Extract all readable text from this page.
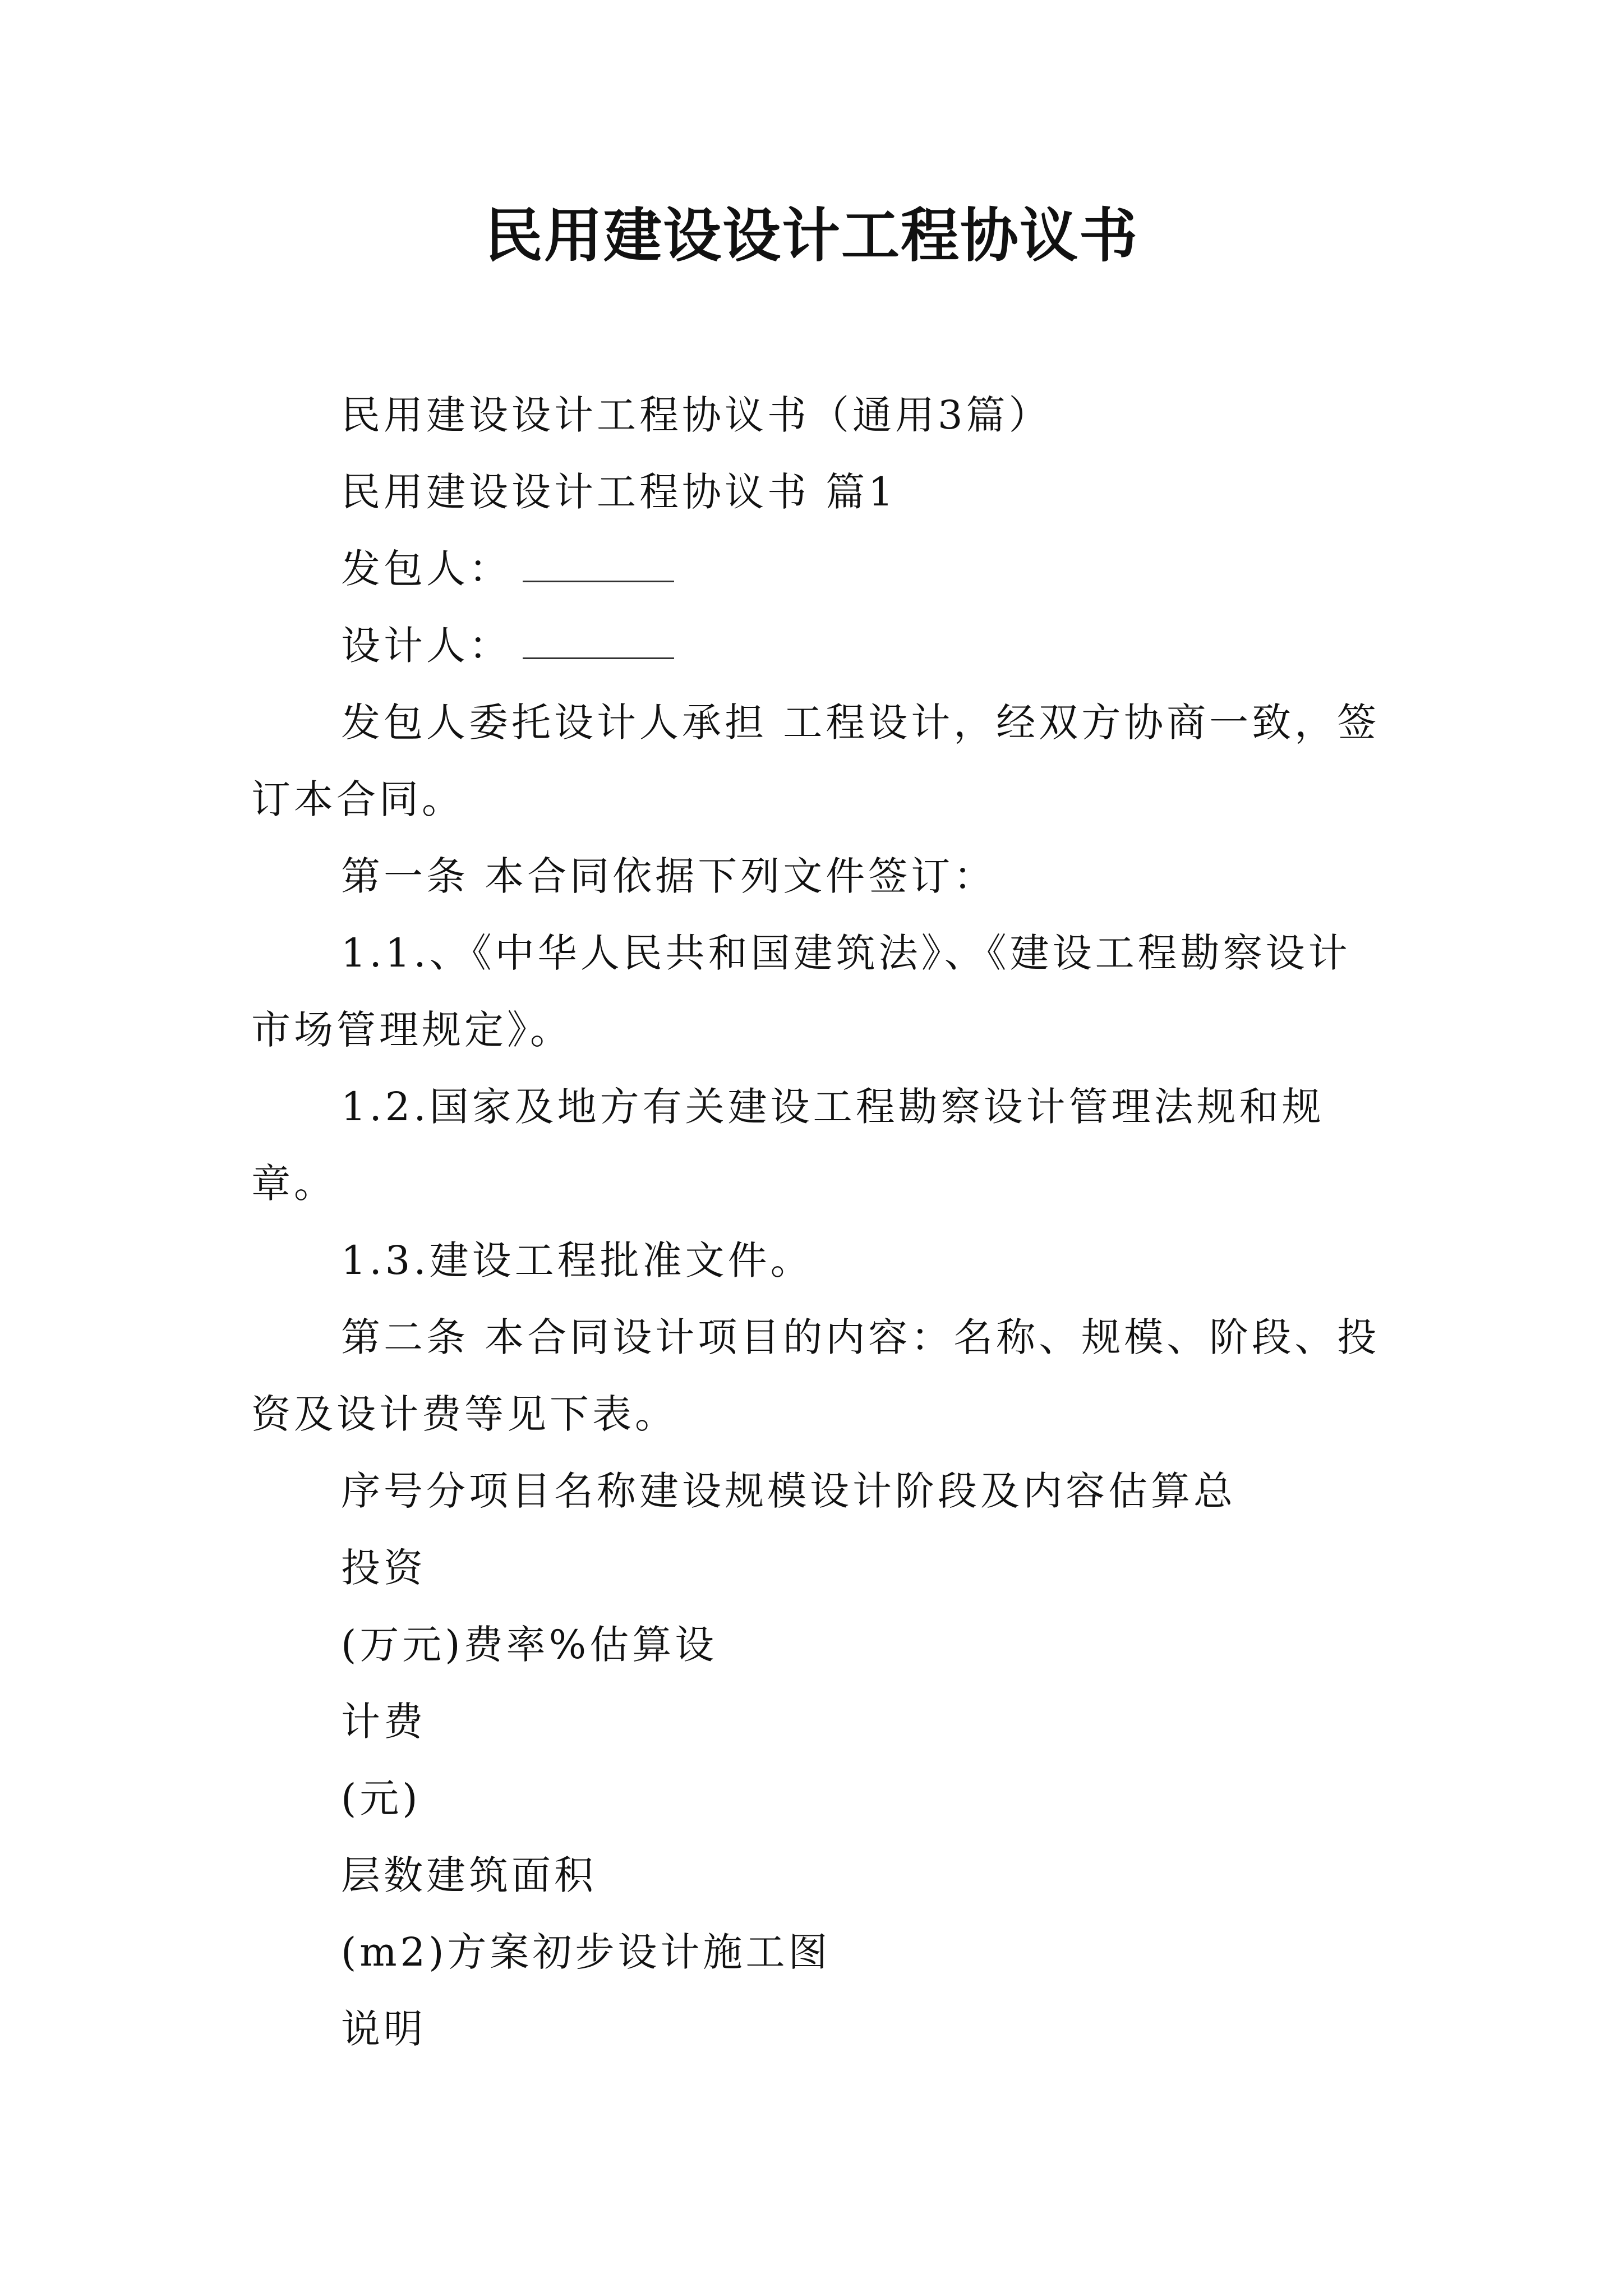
民用建设设计工程协议书

民用建设设计工程协议书（通用3篇）

民用建设设计工程协议书 篇1

发包人：

设计人：

发包人委托设计人承担 工程设计，经双方协商一致，签订本合同。

第一条 本合同依据下列文件签订：

1.1.、《中华人民共和国建筑法》、《建设工程勘察设计市场管理规定》。

1.2.国家及地方有关建设工程勘察设计管理法规和规章。

1.3.建设工程批准文件。

第二条 本合同设计项目的内容：名称、规模、阶段、投资及设计费等见下表。

序号分项目名称建设规模设计阶段及内容估算总

投资

(万元)费率%估算设

计费

(元)

层数建筑面积

(m2)方案初步设计施工图

说明
